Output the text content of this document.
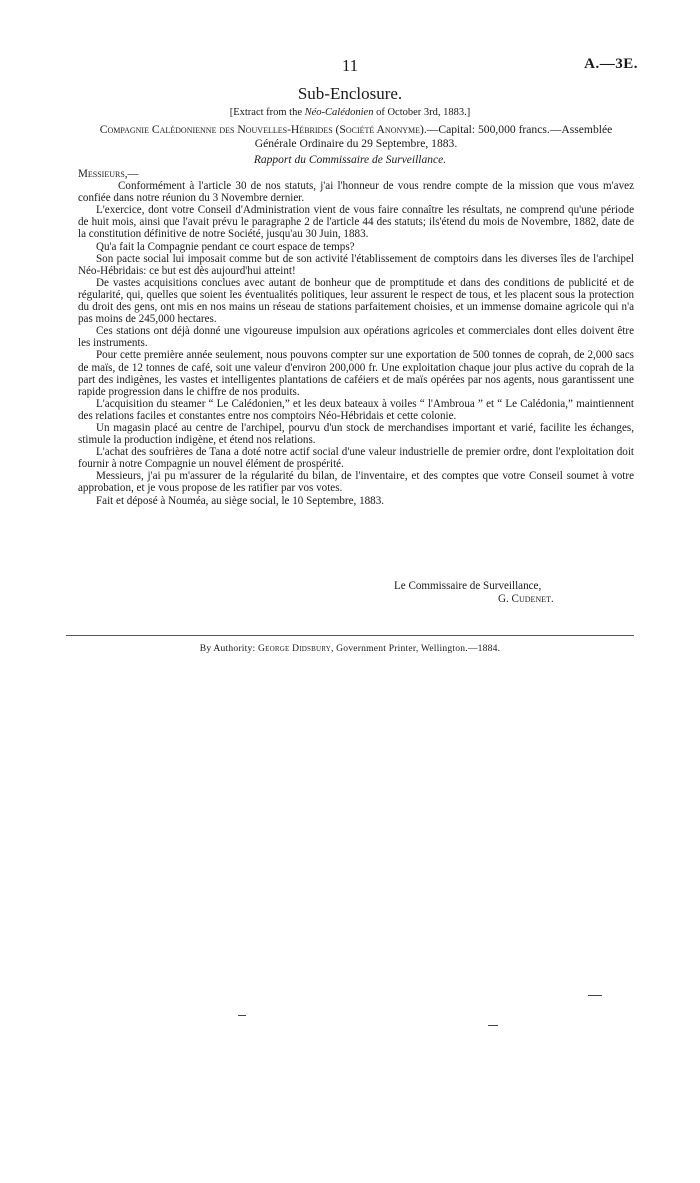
11	A.—3E.
Sub-Enclosure.
[Extract from the Néo-Calédonien of October 3rd, 1883.]
Compagnie Calédonienne des Nouvelles-Hébrides (Société Anonyme).—Capital: 500,000 francs.—Assemblée Générale Ordinaire du 29 Septembre, 1883.
Rapport du Commissaire de Surveillance.

Messieurs,—

Conformément à l'article 30 de nos statuts, j'ai l'honneur de vous rendre compte de la mission que vous m'avez confiée dans notre réunion du 3 Novembre dernier.

L'exercice, dont votre Conseil d'Administration vient de vous faire connaître les résultats, ne comprend qu'une période de huit mois, ainsi que l'avait prévu le paragraphe 2 de l'article 44 des statuts; ils'étend du mois de Novembre, 1882, date de la constitution définitive de notre Société, jusqu'au 30 Juin, 1883.

Qu'a fait la Compagnie pendant ce court espace de temps?

Son pacte social lui imposait comme but de son activité l'établissement de comptoirs dans les diverses îles de l'archipel Néo-Hébridais: ce but est dès aujourd'hui atteint!

De vastes acquisitions conclues avec autant de bonheur que de promptitude et dans des conditions de publicité et de régularité, qui, quelles que soient les éventualités politiques, leur assurent le respect de tous, et les placent sous la protection du droit des gens, ont mis en nos mains un réseau de stations parfaitement choisies, et un immense domaine agricole qui n'a pas moins de 245,000 hectares.

Ces stations ont déjà donné une vigoureuse impulsion aux opérations agricoles et commerciales dont elles doivent être les instruments.

Pour cette première année seulement, nous pouvons compter sur une exportation de 500 tonnes de coprah, de 2,000 sacs de maïs, de 12 tonnes de café, soit une valeur d'environ 200,000 fr. Une exploitation chaque jour plus active du coprah de la part des indigènes, les vastes et intelligentes plantations de caféiers et de maïs opérées par nos agents, nous garantissent une rapide progression dans le chiffre de nos produits.

L'acquisition du steamer “ Le Calédonien,” et les deux bateaux à voiles “ l'Ambroua ” et “ Le Calédonia,” maintiennent des relations faciles et constantes entre nos comptoirs Néo-Hébridais et cette colonie.

Un magasin placé au centre de l'archipel, pourvu d'un stock de merchandises important et varié, facilite les échanges, stimule la production indigène, et étend nos relations.

L'achat des soufrières de Tana a doté notre actif social d'une valeur industrielle de premier ordre, dont l'exploitation doit fournir à notre Compagnie un nouvel élément de prospérité.

Messieurs, j'ai pu m'assurer de la régularité du bilan, de l'inventaire, et des comptes que votre Conseil soumet à votre approbation, et je vous propose de les ratifier par vos votes.

Fait et déposé à Nouméa, au siège social, le 10 Septembre, 1883.

Le Commissaire de Surveillance,
G. Cudenet.
By Authority: George Didsbury, Government Printer, Wellington.—1884.
